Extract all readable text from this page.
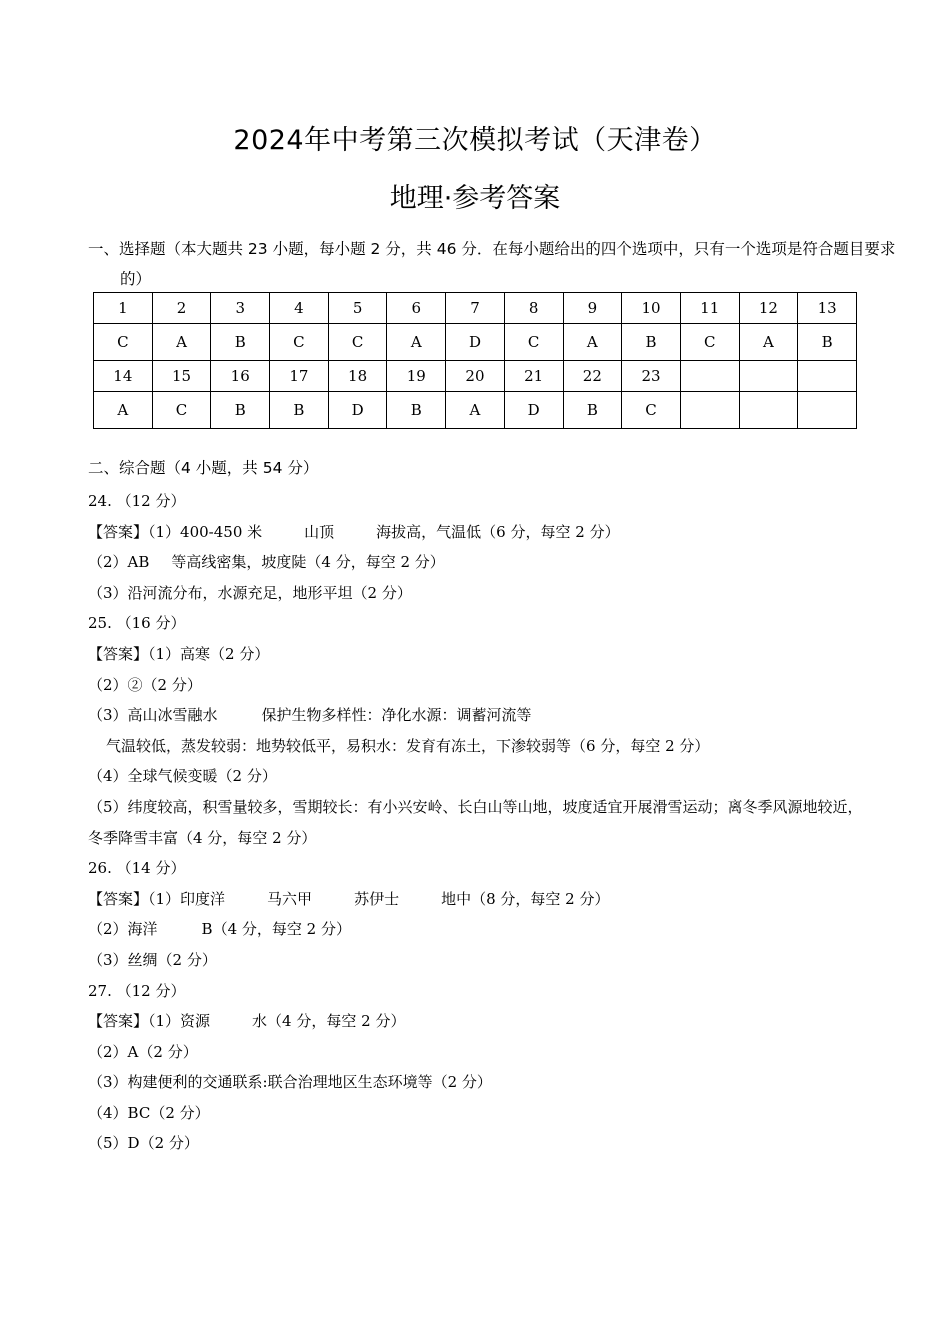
2024年中考第三次模拟考试（天津卷）
地理·参考答案
一、选择题（本大题共 23 小题，每小题 2 分，共 46 分．在每小题给出的四个选项中，只有一个选项是符合题目要求的）
1	2	3	4	5	6	7	8	9	10	11	12	13
C	A	B	C	C	A	D	C	A	B	C	A	B
14	15	16	17	18	19	20	21	22	23			
A	C	B	B	D	B	A	D	B	C			
二、综合题（4 小题，共 54 分）
24. （12 分）
【答案】（1）400-450 米	山顶	海拔高，气温低（6 分，每空 2 分）
（2）AB 等高线密集，坡度陡（4 分，每空 2 分）
（3）沿河流分布，水源充足，地形平坦（2 分）
25. （16 分）
【答案】（1）高寒（2 分）
（2）②（2 分）
（3）高山冰雪融水	保护生物多样性：净化水源：调蓄河流等
气温较低，蒸发较弱：地势较低平，易积水：发育有冻土，下渗较弱等（6 分，每空 2 分）
（4）全球气候变暖（2 分）
（5）纬度较高，积雪量较多，雪期较长：有小兴安岭、长白山等山地，坡度适宜开展滑雪运动；离冬季风源地较近，冬季降雪丰富（4 分，每空 2 分）
26. （14 分）
【答案】（1）印度洋	马六甲	苏伊士	地中（8 分，每空 2 分）
（2）海洋	B（4 分，每空 2 分）
（3）丝绸（2 分）
27. （12 分）
【答案】（1）资源	水（4 分，每空 2 分）
（2）A（2 分）
（3）构建便利的交通联系:联合治理地区生态环境等（2 分）
（4）BC（2 分）
（5）D（2 分）
